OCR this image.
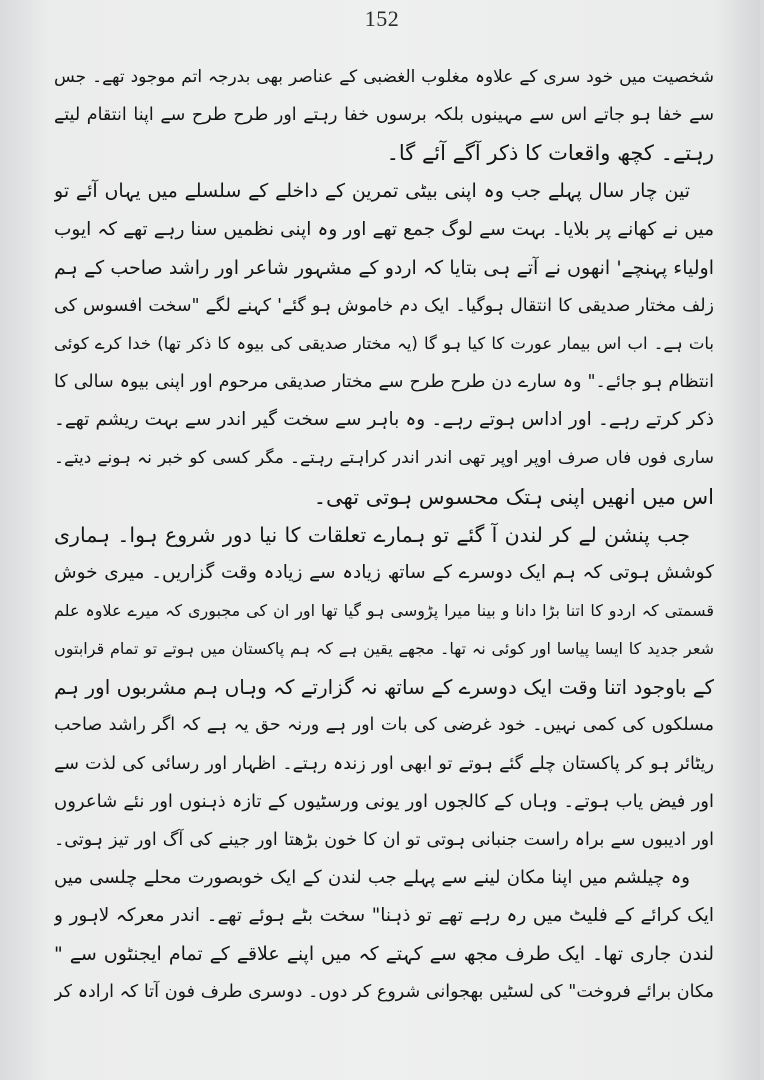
152
شخصیت میں خود سری کے علاوہ مغلوب الغضبی کے عناصر بھی بدرجہ اتم موجود تھے۔ جس
سے خفا ہو جاتے اس سے مہینوں بلکہ برسوں خفا رہتے اور طرح طرح سے اپنا انتقام لیتے
رہتے۔ کچھ واقعات کا ذکر آگے آئے گا۔
تین چار سال پہلے جب وہ اپنی بیٹی تمرین کے داخلے کے سلسلے میں یہاں آئے تو
میں نے کھانے پر بلایا۔ بہت سے لوگ جمع تھے اور وہ اپنی نظمیں سنا رہے تھے کہ ایوب
اولیاء پہنچے' انھوں نے آتے ہی بتایا کہ اردو کے مشہور شاعر اور راشد صاحب کے ہم
زلف مختار صدیقی کا انتقال ہوگیا۔ ایک دم خاموش ہو گئے' کہنے لگے "سخت افسوس کی
بات ہے۔ اب اس بیمار عورت کا کیا ہو گا (یہ مختار صدیقی کی بیوہ کا ذکر تھا) خدا کرے کوئی
انتظام ہو جائے۔" وہ سارے دن طرح طرح سے مختار صدیقی مرحوم اور اپنی بیوہ سالی کا
ذکر کرتے رہے۔ اور اداس ہوتے رہے۔ وہ باہر سے سخت گیر اندر سے بہت ریشم تھے۔
ساری فوں فاں صرف اوپر اوپر تھی اندر اندر کراہتے رہتے۔ مگر کسی کو خبر نہ ہونے دیتے۔
اس میں انھیں اپنی ہتک محسوس ہوتی تھی۔
جب پنشن لے کر لندن آ گئے تو ہمارے تعلقات کا نیا دور شروع ہوا۔ ہماری
کوشش ہوتی کہ ہم ایک دوسرے کے ساتھ زیادہ سے زیادہ وقت گزاریں۔ میری خوش
قسمتی کہ اردو کا اتنا بڑا دانا و بینا میرا پڑوسی ہو گیا تھا اور ان کی مجبوری کہ میرے علاوہ علم
شعر جدید کا ایسا پیاسا اور کوئی نہ تھا۔ مجھے یقین ہے کہ ہم پاکستان میں ہوتے تو تمام قرابتوں
کے باوجود اتنا وقت ایک دوسرے کے ساتھ نہ گزارتے کہ وہاں ہم مشربوں اور ہم
مسلکوں کی کمی نہیں۔ خود غرضی کی بات اور ہے ورنہ حق یہ ہے کہ اگر راشد صاحب
ریٹائر ہو کر پاکستان چلے گئے ہوتے تو ابھی اور زندہ رہتے۔ اظہار اور رسائی کی لذت سے
اور فیض یاب ہوتے۔ وہاں کے کالجوں اور یونی ورسٹیوں کے تازہ ذہنوں اور نئے شاعروں
اور ادیبوں سے براہ راست جنبانی ہوتی تو ان کا خون بڑھتا اور جینے کی آگ اور تیز ہوتی۔
وہ چیلشم میں اپنا مکان لینے سے پہلے جب لندن کے ایک خوبصورت محلے چلسی میں
ایک کرائے کے فلیٹ میں رہ رہے تھے تو ذہنا" سخت بٹے ہوئے تھے۔ اندر معرکہ لاہور و
لندن جاری تھا۔ ایک طرف مجھ سے کہتے کہ میں اپنے علاقے کے تمام ایجنٹوں سے "
مکان برائے فروخت" کی لسٹیں بھجوانی شروع کر دوں۔ دوسری طرف فون آتا کہ ارادہ کر
